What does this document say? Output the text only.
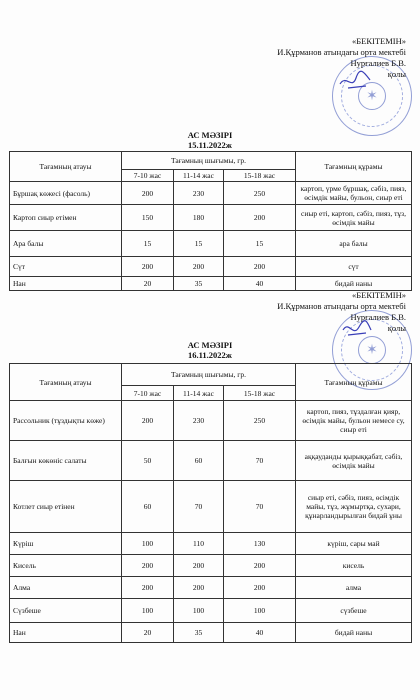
✶
«БЕКІТЕМІН»
И.Құрманов атындағы орта мектебі
Нурғалиев Б.В.
қолы
АС МӘЗІРІ
15.11.2022ж
Тағамның атауы	Тағамның шығымы, гр.			Тағамның құрамы
	7-10 жас	11-14 жас	15-18 жас	
Бұршақ көжесі (фасоль)	200	230	250	картоп, үрме бұршақ, сәбіз, пияз, өсімдік майы, бульон, сиыр еті
Картоп сиыр етімен	150	180	200	сиыр еті, картоп, сәбіз, пияз, тұз, өсімдік майы
Ара балы	15	15	15	ара балы
Сүт	200	200	200	сүт
Нан	20	35	40	бидай наны
✶
«БЕКІТЕМІН»
И.Құрманов атындағы орта мектебі
Нурғалиев Б.В.
қолы
АС МӘЗІРІ
16.11.2022ж
Тағамның атауы	Тағамның шығымы, гр.			Тағамның құрамы
	7-10 жас	11-14 жас	15-18 жас	
Рассольник (тұздықты көже)	200	230	250	картоп, пияз, тұздалған қияр, өсімдік майы, бульон немесе су, сиыр еті
Балғын көкөніс салаты	50	60	70	аққауданды қырыққабат, сәбіз, өсімдік майы
Котлет сиыр етінен	60	70	70	сиыр еті, сәбіз, пияз, өсімдік майы, тұз, жұмыртқа, сухари, құнарландырылған бидай ұны
Күріш	100	110	130	күріш, сары май
Кисель	200	200	200	кисель
Алма	200	200	200	алма
Сүзбеше	100	100	100	сүзбеше
Нан	20	35	40	бидай наны
